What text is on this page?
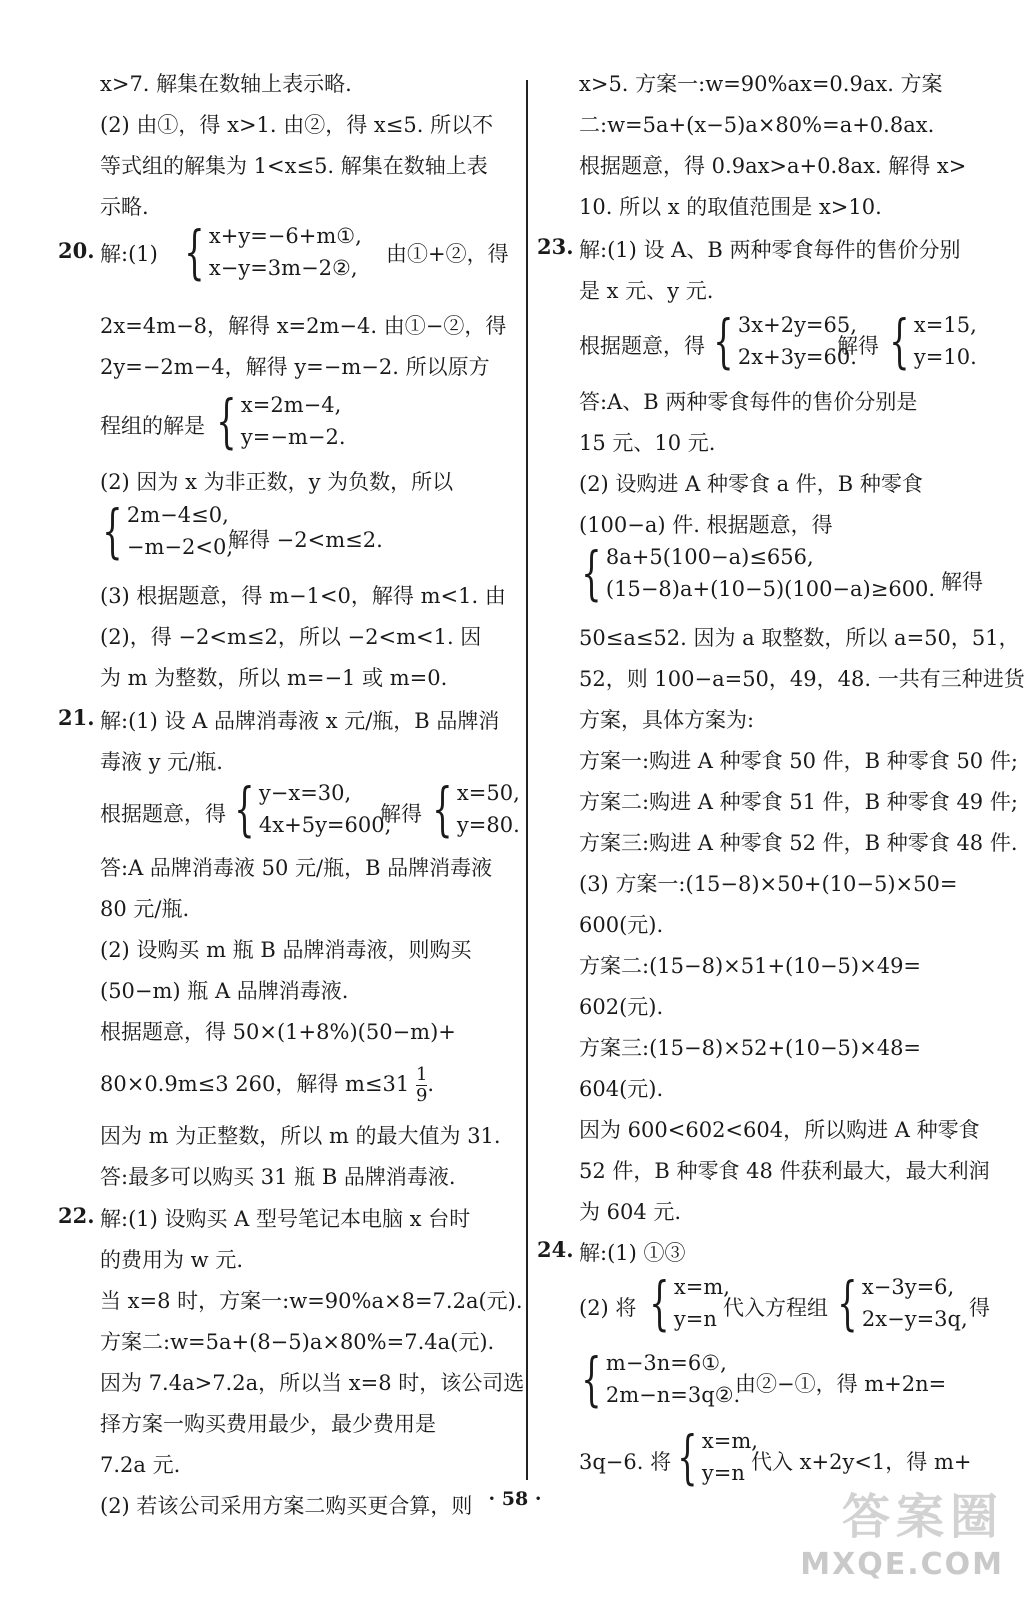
x>7. 解集在数轴上表示略.
(2) 由①，得 x>1. 由②，得 x≤5. 所以不
等式组的解集为 1<x≤5. 解集在数轴上表
示略.
20. 解:(1) { x+y=−6+m①,
x−y=3m−2②,
由①+②，得
2x=4m−8，解得 x=2m−4. 由①−②，得
2y=−2m−4，解得 y=−m−2. 所以原方
程组的解是 { x=2m−4,
y=−m−2.
(2) 因为 x 为非正数，y 为负数，所以
{ 2m−4≤0,
−m−2<0,
解得 −2<m≤2.
(3) 根据题意，得 m−1<0，解得 m<1. 由
(2)，得 −2<m≤2，所以 −2<m<1. 因
为 m 为整数，所以 m=−1 或 m=0.
21. 解:(1) 设 A 品牌消毒液 x 元/瓶，B 品牌消
毒液 y 元/瓶.
根据题意，得 { y−x=30,
4x+5y=600,
解得 { x=50,
y=80.
答:A 品牌消毒液 50 元/瓶，B 品牌消毒液
80 元/瓶.
(2) 设购买 m 瓶 B 品牌消毒液，则购买
(50−m) 瓶 A 品牌消毒液.
根据题意，得 50×(1+8%)(50−m)+
80×0.9m≤3 260，解得 $m\le 31 \frac{1}{9}$ .
因为 m 为正整数，所以 m 的最大值为 31.
答:最多可以购买 31 瓶 B 品牌消毒液.
22. 解:(1) 设购买 A 型号笔记本电脑 x 台时
的费用为 w 元.
当 x=8 时，方案一:w=90%a×8=7.2a(元).
方案二:w=5a+(8−5)a×80%=7.4a(元).
因为 7.4a>7.2a，所以当 x=8 时，该公司选
择方案一购买费用最少，最少费用是
7.2a 元.
(2) 若该公司采用方案二购买更合算，则
x>5. 方案一:w=90%ax=0.9ax. 方案
二:w=5a+(x−5)a×80%=a+0.8ax.
根据题意，得 0.9ax>a+0.8ax. 解得 x>
10. 所以 x 的取值范围是 x>10.
23. 解:(1) 设 A、B 两种零食每件的售价分别
是 x 元、y 元.
根据题意，得 { 3x+2y=65,
2x+3y=60.
解得 { x=15,
y=10.
答:A、B 两种零食每件的售价分别是
15 元、10 元.
(2) 设购进 A 种零食 a 件，B 种零食
(100−a) 件. 根据题意，得
{ 8a+5(100−a)≤656,
(15−8)a+(10−5)(100−a)≥600. 解得
50≤a≤52. 因为 a 取整数，所以 a=50，51，
52，则 100−a=50，49，48. 一共有三种进货
方案，具体方案为:
方案一:购进 A 种零食 50 件，B 种零食 50 件;
方案二:购进 A 种零食 51 件，B 种零食 49 件;
方案三:购进 A 种零食 52 件，B 种零食 48 件.
(3) 方案一:(15−8)×50+(10−5)×50=
600(元).
方案二:(15−8)×51+(10−5)×49=
602(元).
方案三:(15−8)×52+(10−5)×48=
604(元).
因为 600<602<604，所以购进 A 种零食
52 件，B 种零食 48 件获利最大，最大利润
为 604 元.
24. 解:(1) ①③
(2) 将 { x=m,
y=n 代入方程组 { x−3y=6,
2x−y=3q, 得
{ m−3n=6①,
2m−n=3q②.
由②−①，得 m+2n=
3q−6. 将 { x=m,
y=n 代入 x+2y<1，得 m+
· 58 ·	答案圈
MXQE.COM
